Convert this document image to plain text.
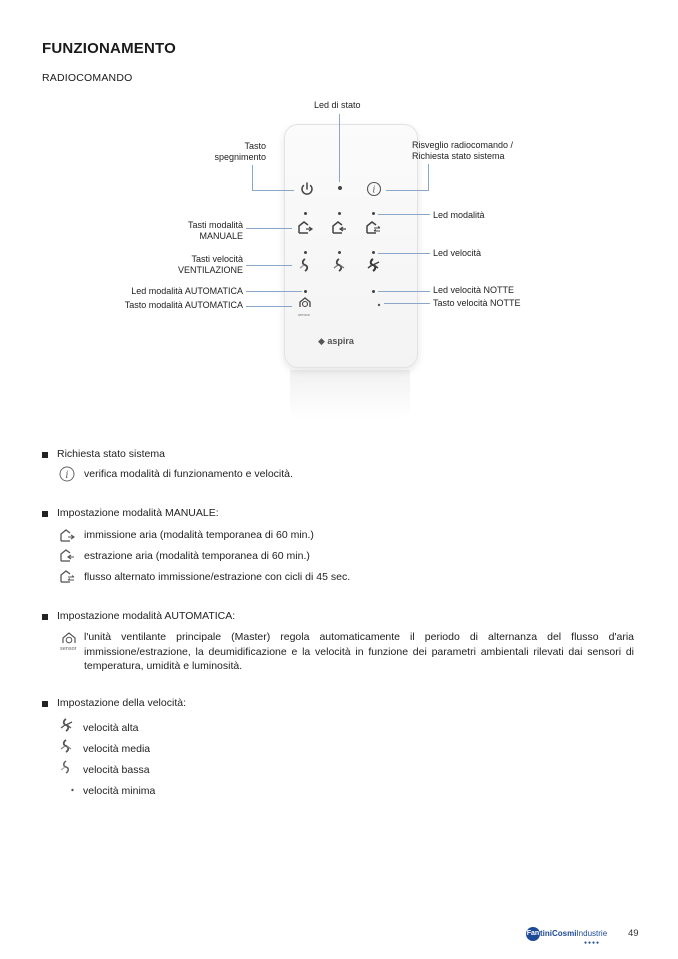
FUNZIONAMENTO
RADIOCOMANDO
i
sensor
◆ aspira
Led di stato
Tasto
spegnimento
Risveglio radiocomando /
Richiesta stato sistema
Tasti modalità
MANUALE
Led modalità
Tasti velocità
VENTILAZIONE
Led velocità
Led modalità AUTOMATICA
Tasto modalità AUTOMATICA
Led velocità NOTTE
Tasto velocità NOTTE
Richiesta stato sistema
i verifica modalità di funzionamento e velocità.
Impostazione modalità MANUALE:
immissione aria (modalità temporanea di 60 min.)
estrazione aria (modalità temporanea di 60 min.)
flusso alternato immissione/estrazione con cicli di 45 sec.
Impostazione modalità AUTOMATICA:
sensor
l'unità ventilante principale (Master) regola automaticamente il periodo di alternanza del flusso d'aria immissione/estrazione, la deumidificazione e la velocità in funzione dei parametri ambientali rilevati dai sensori di temperatura, umidità e luminosità.
Impostazione della velocità:
velocità alta
velocità media
velocità bassa
velocità minima
Fan tiniCosmiIndustrie
●●●●
49
